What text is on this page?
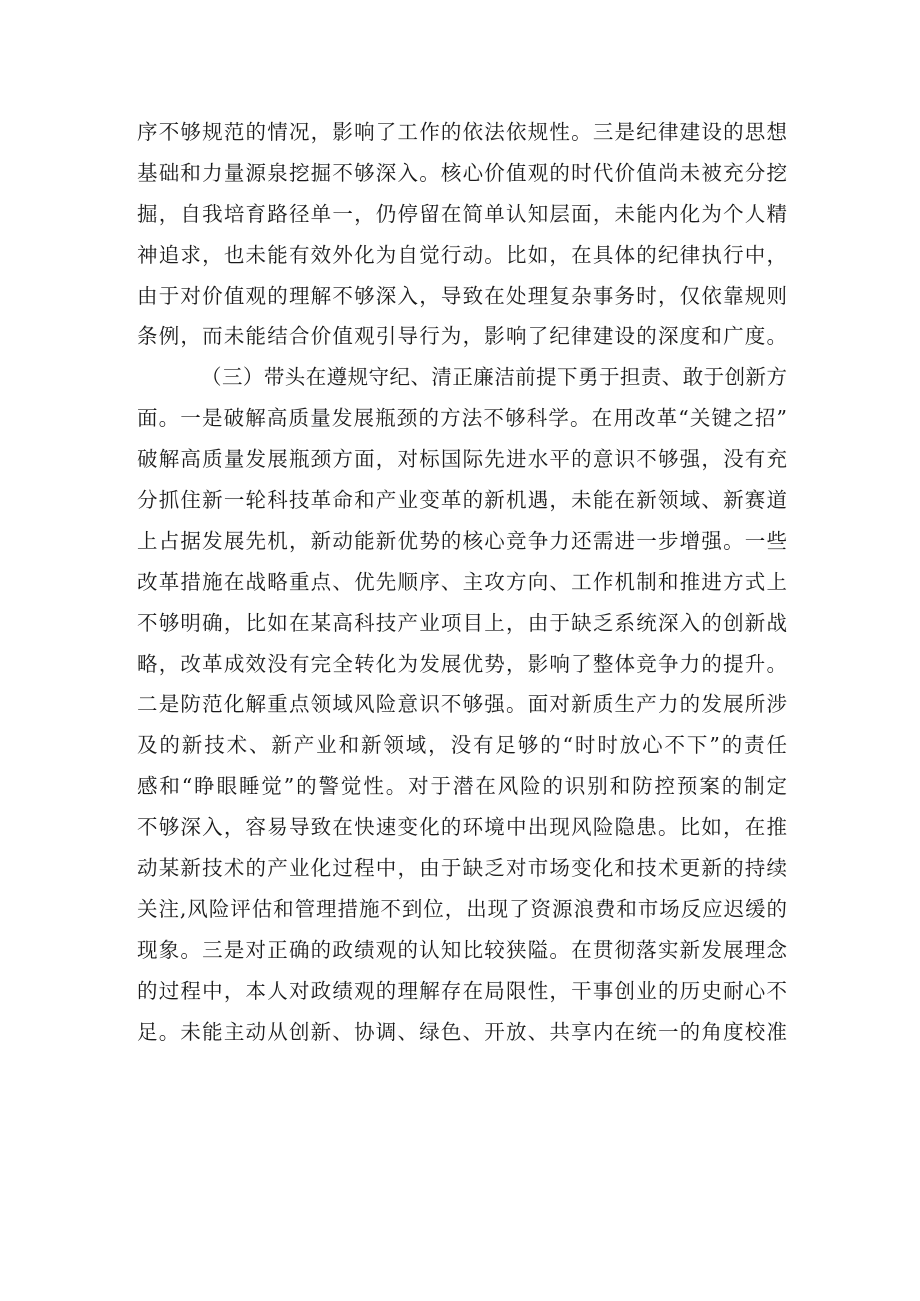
序不够规范的情况，影响了工作的依法依规性。三是纪律建设的思想
基础和力量源泉挖掘不够深入。核心价值观的时代价值尚未被充分挖
掘，自我培育路径单一，仍停留在简单认知层面，未能内化为个人精
神追求，也未能有效外化为自觉行动。比如，在具体的纪律执行中，
由于对价值观的理解不够深入，导致在处理复杂事务时，仅依靠规则
条例，而未能结合价值观引导行为，影响了纪律建设的深度和广度。
（三）带头在遵规守纪、清正廉洁前提下勇于担责、敢于创新方
面。一是破解高质量发展瓶颈的方法不够科学。在用改革“关键之招”
破解高质量发展瓶颈方面，对标国际先进水平的意识不够强，没有充
分抓住新一轮科技革命和产业变革的新机遇，未能在新领域、新赛道
上占据发展先机，新动能新优势的核心竞争力还需进一步增强。一些
改革措施在战略重点、优先顺序、主攻方向、工作机制和推进方式上
不够明确，比如在某高科技产业项目上，由于缺乏系统深入的创新战
略，改革成效没有完全转化为发展优势，影响了整体竞争力的提升。
二是防范化解重点领域风险意识不够强。面对新质生产力的发展所涉
及的新技术、新产业和新领域，没有足够的“时时放心不下”的责任
感和“睁眼睡觉”的警觉性。对于潜在风险的识别和防控预案的制定
不够深入，容易导致在快速变化的环境中出现风险隐患。比如，在推
动某新技术的产业化过程中，由于缺乏对市场变化和技术更新的持续
关注,风险评估和管理措施不到位，出现了资源浪费和市场反应迟缓的
现象。三是对正确的政绩观的认知比较狭隘。在贯彻落实新发展理念
的过程中，本人对政绩观的理解存在局限性，干事创业的历史耐心不
足。未能主动从创新、协调、绿色、开放、共享内在统一的角度校准
